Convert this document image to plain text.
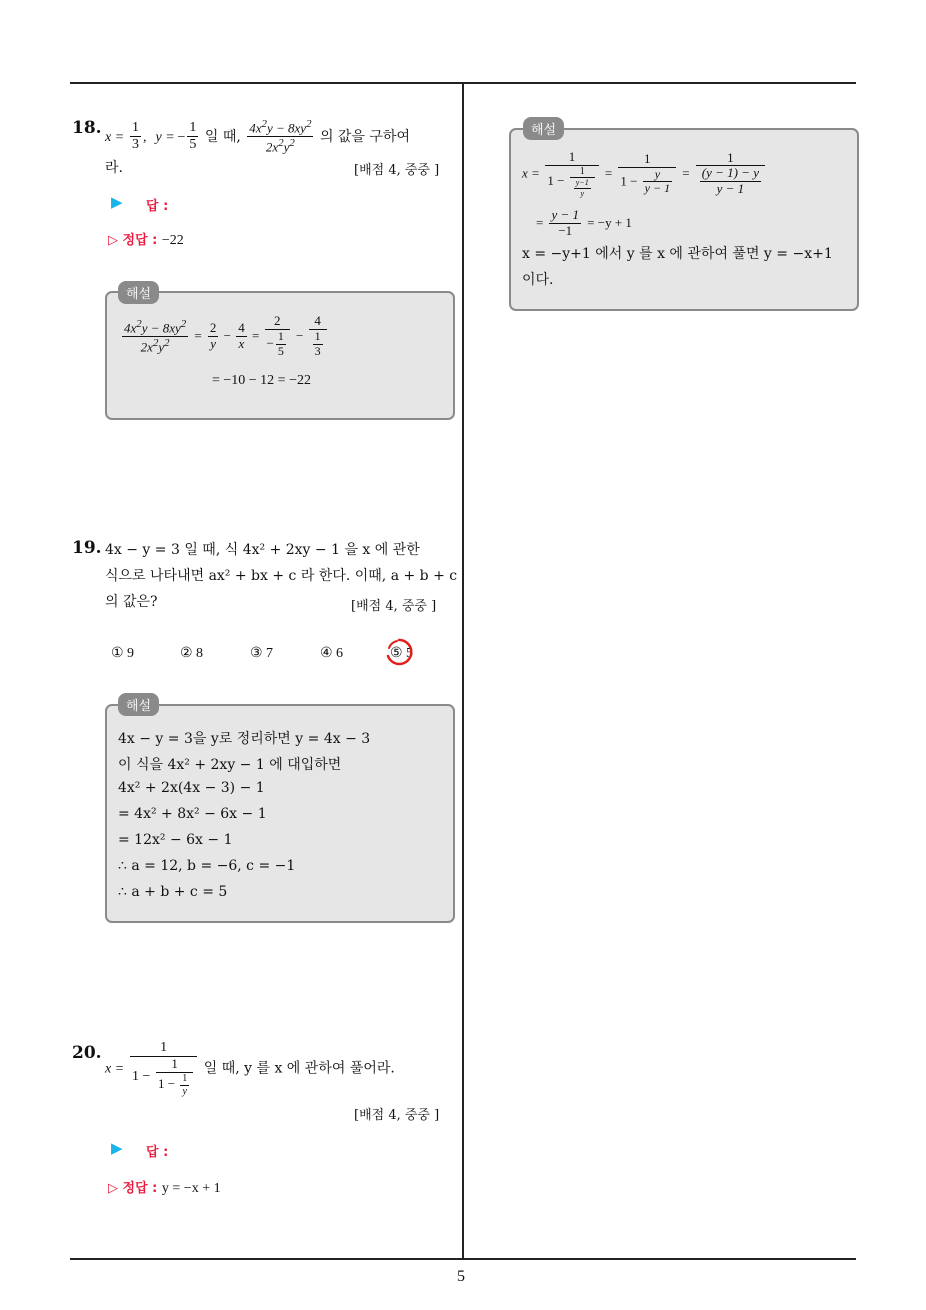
5
18. $x = \frac{1}{3}$ , y = − $\frac{1}{5}$ 일 때, $\frac{4x^2y - 8xy^2}{2x^2y^2}$ 의 값을 구하여
라.	[배점 4, 중중 ]
▶ 답 :
▷ 정답 : −22
해설
$\frac{4x^2y - 8xy^2}{2x^2y^2} = \frac{2}{y} - \frac{4}{x} = \frac{2}{- \frac{1}{5}} - \frac{4}{\frac{1}{3}}$
= −10 − 12 = −22
19. 4x − y = 3 일 때, 식 4x² + 2xy − 1 을 x 에 관한
식으로 나타내면 ax² + bx + c 라 한다. 이때, a + b + c
의 값은?	[배점 4, 중중 ]
① 9	② 8	③ 7	④ 6	⑤ 5
해설
4x − y = 3을 y로 정리하면 y = 4x − 3
이 식을 4x² + 2xy − 1 에 대입하면
4x² + 2x(4x − 3) − 1
= 4x² + 8x² − 6x − 1
= 12x² − 6x − 1
∴ a = 12, b = −6, c = −1
∴ a + b + c = 5
20.
$x = \frac{1}{1 - \frac{1}{1 - \frac{1}{y}}}$ 일 때, y 를 x 에 관하여 풀어라.
[배점 4, 중중 ]
▶ 답 :
▷ 정답 : y = −x + 1
해설
$x = \frac{1}{1 - \frac{1}{\frac{y-1}{y}}} = \frac{1}{1 - \frac{y}{y - 1}} = \frac{1}{\frac{(y - 1) - y}{y - 1}}$
= $\frac{y - 1}{-1} = -y + 1$
x = −y+1 에서 y 를 x 에 관하여 풀면 y = −x+1
이다.
